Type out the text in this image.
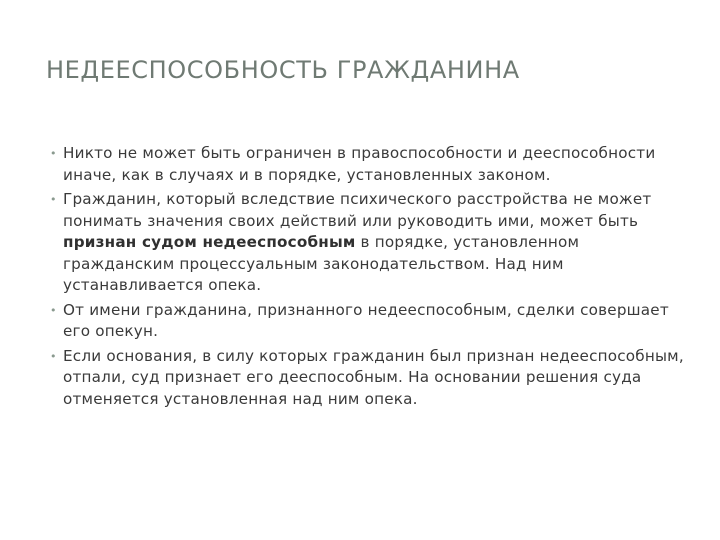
НЕДЕЕСПОСОБНОСТЬ ГРАЖДАНИНА
• Никто не может быть ограничен в правоспособности и дееспособности иначе, как в случаях и в порядке, установленных законом.
• Гражданин, который вследствие психического расстройства не может понимать значения своих действий или руководить ими, может быть признан судом недееспособным в порядке, установленном гражданским процессуальным законодательством. Над ним устанавливается опека.
• От имени гражданина, признанного недееспособным, сделки совершает его опекун.
• Если основания, в силу которых гражданин был признан недееспособным, отпали, суд признает его дееспособным. На основании решения суда отменяется установленная над ним опека.
